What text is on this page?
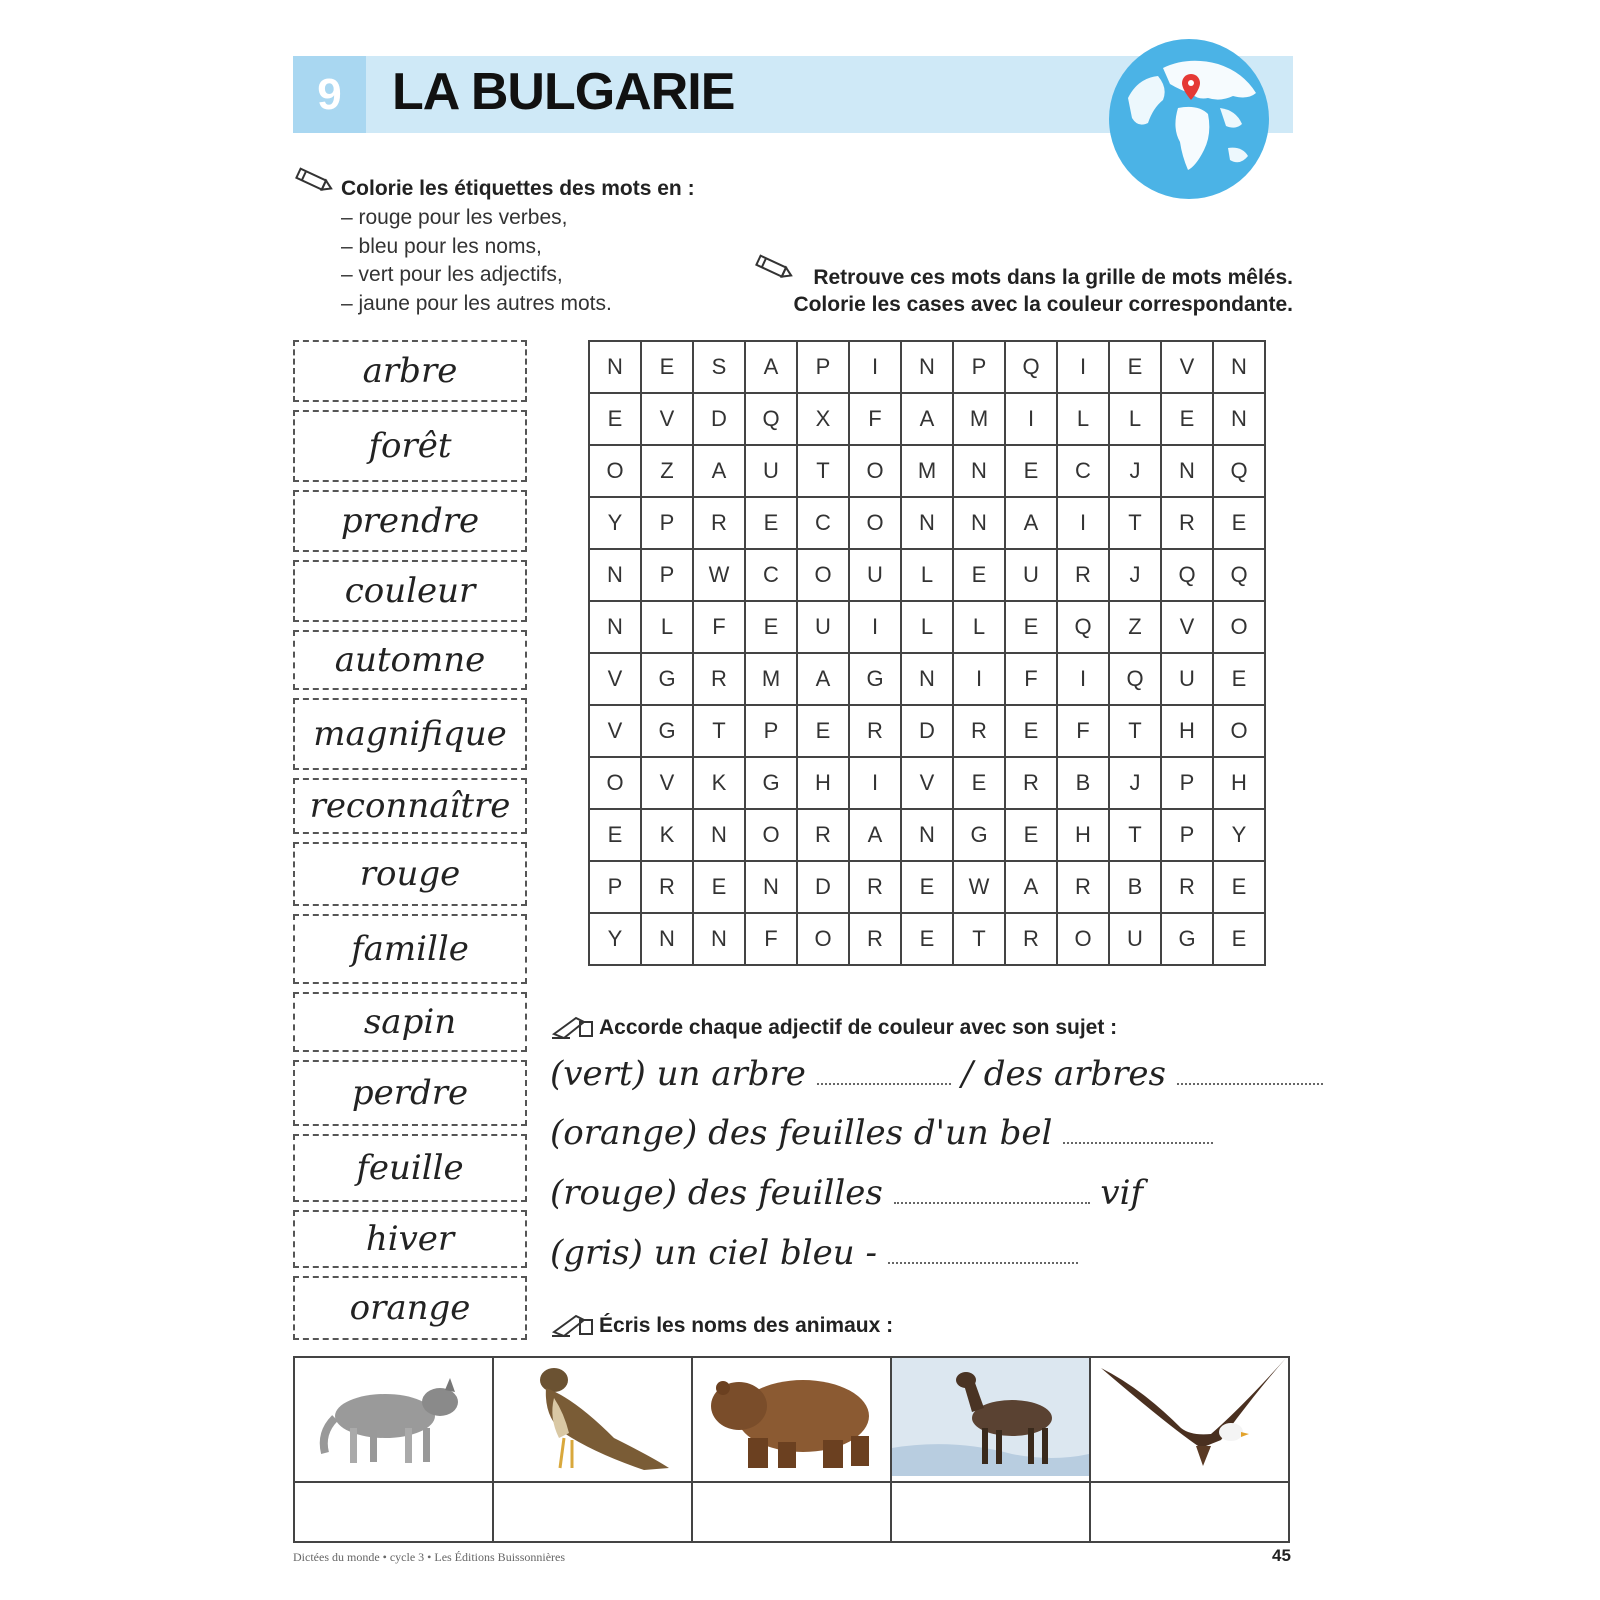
9 LA BULGARIE
Colorie les étiquettes des mots en :
– rouge pour les verbes,
– bleu pour les noms,
– vert pour les adjectifs,
– jaune pour les autres mots.
Retrouve ces mots dans la grille de mots mêlés.
Colorie les cases avec la couleur correspondante.
arbre
forêt
prendre
couleur
automne
magnifique
reconnaître
rouge
famille
sapin
perdre
feuille
hiver
orange
N	E	S	A	P	I	N	P	Q	I	E	V	N
E	V	D	Q	X	F	A	M	I	L	L	E	N
O	Z	A	U	T	O	M	N	E	C	J	N	Q
Y	P	R	E	C	O	N	N	A	I	T	R	E
N	P	W	C	O	U	L	E	U	R	J	Q	Q
N	L	F	E	U	I	L	L	E	Q	Z	V	O
V	G	R	M	A	G	N	I	F	I	Q	U	E
V	G	T	P	E	R	D	R	E	F	T	H	O
O	V	K	G	H	I	V	E	R	B	J	P	H
E	K	N	O	R	A	N	G	E	H	T	P	Y
P	R	E	N	D	R	E	W	A	R	B	R	E
Y	N	N	F	O	R	E	T	R	O	U	G	E
Accorde chaque adjectif de couleur avec son sujet :
(vert) un arbre	/ des arbres
(orange) des feuilles d'un bel
(rouge) des feuilles	vif
(gris) un ciel bleu -
Écris les noms des animaux :

Dictées du monde • cycle 3 • Les Éditions Buissonnières	45
